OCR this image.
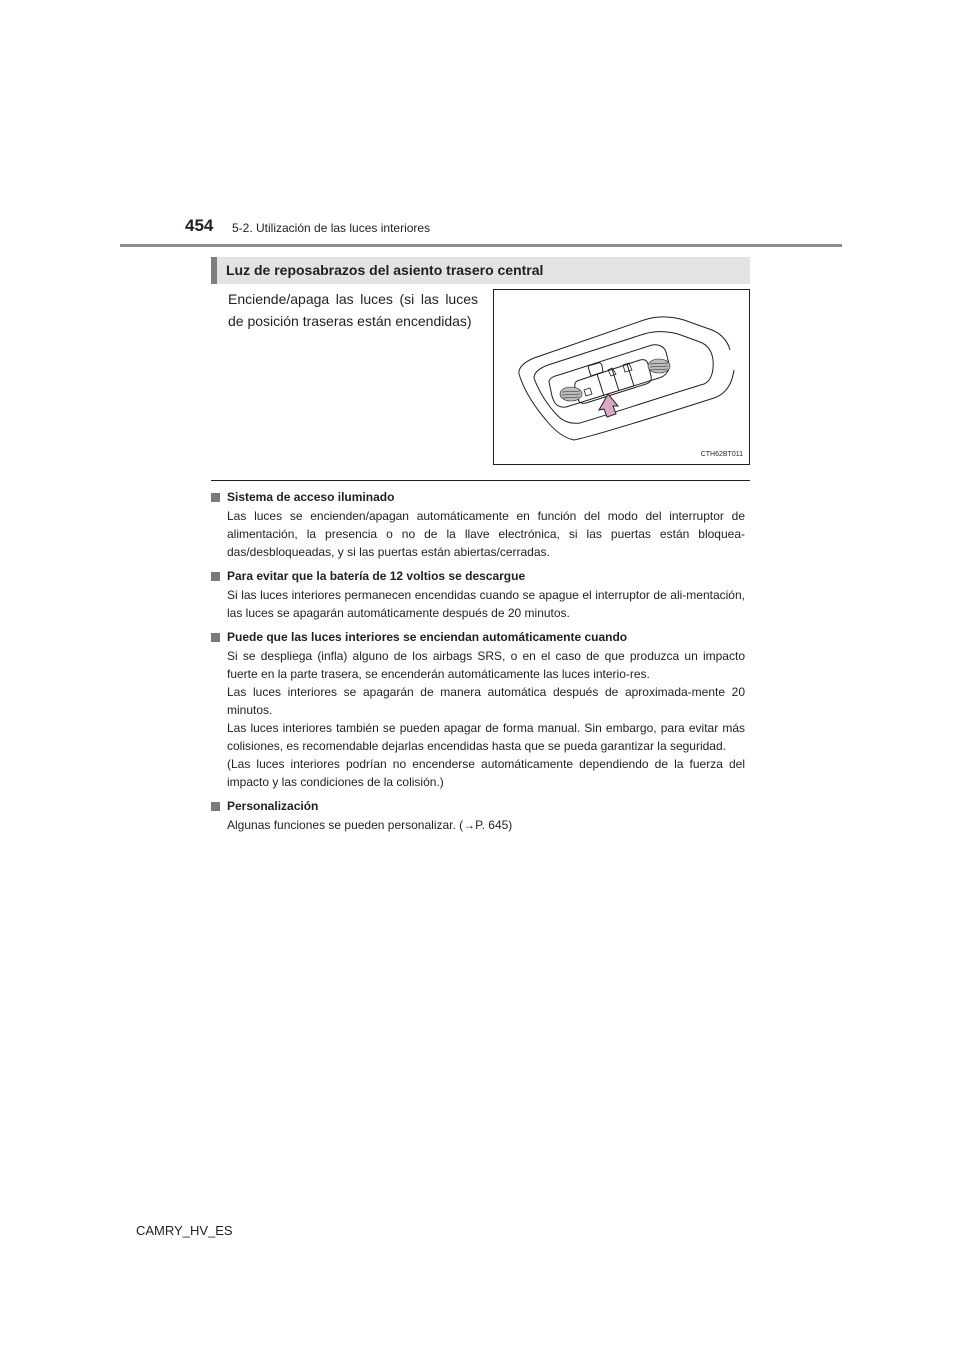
454 5-2. Utilización de las luces interiores
Luz de reposabrazos del asiento trasero central
Enciende/apaga las luces (si las luces de posición traseras están encendidas)
CTH62BT011
Sistema de acceso iluminado
Las luces se encienden/apagan automáticamente en función del modo del interruptor de alimentación, la presencia o no de la llave electrónica, si las puertas están bloquea-das/desbloqueadas, y si las puertas están abiertas/cerradas.
Para evitar que la batería de 12 voltios se descargue
Si las luces interiores permanecen encendidas cuando se apague el interruptor de ali-mentación, las luces se apagarán automáticamente después de 20 minutos.
Puede que las luces interiores se enciendan automáticamente cuando
Si se despliega (infla) alguno de los airbags SRS, o en el caso de que produzca un impacto fuerte en la parte trasera, se encenderán automáticamente las luces interio-res.
Las luces interiores se apagarán de manera automática después de aproximada-mente 20 minutos.
Las luces interiores también se pueden apagar de forma manual. Sin embargo, para evitar más colisiones, es recomendable dejarlas encendidas hasta que se pueda garantizar la seguridad.
(Las luces interiores podrían no encenderse automáticamente dependiendo de la fuerza del impacto y las condiciones de la colisión.)
Personalización
Algunas funciones se pueden personalizar. (→P. 645)
CAMRY_HV_ES
